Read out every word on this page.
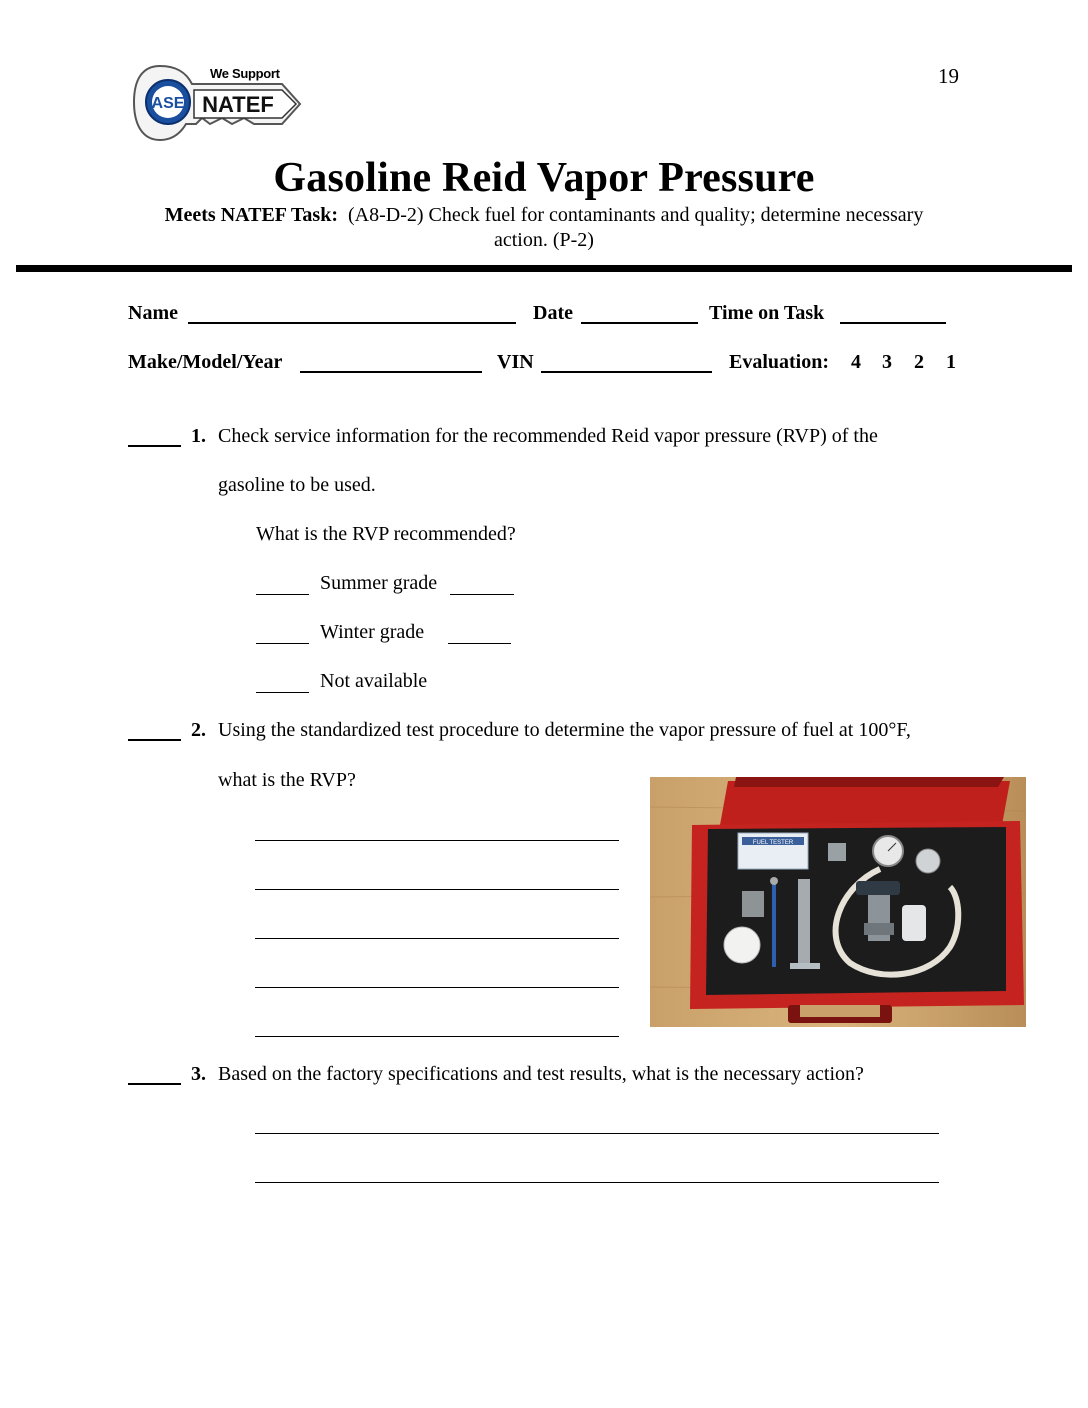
19
ASE NATEF
We Support
Gasoline Reid Vapor Pressure
Meets NATEF Task: (A8-D-2) Check fuel for contaminants and quality; determine necessary
action. (P-2)
Name	Date	Time on Task
Make/Model/Year	VIN	Evaluation: 4 3 2 1
1. Check service information for the recommended Reid vapor pressure (RVP) of the
gasoline to be used.
What is the RVP recommended?
Summer grade
Winter grade
Not available
2. Using the standardized test procedure to determine the vapor pressure of fuel at 100°F,
what is the RVP?
FUEL TESTER
3. Based on the factory specifications and test results, what is the necessary action?
